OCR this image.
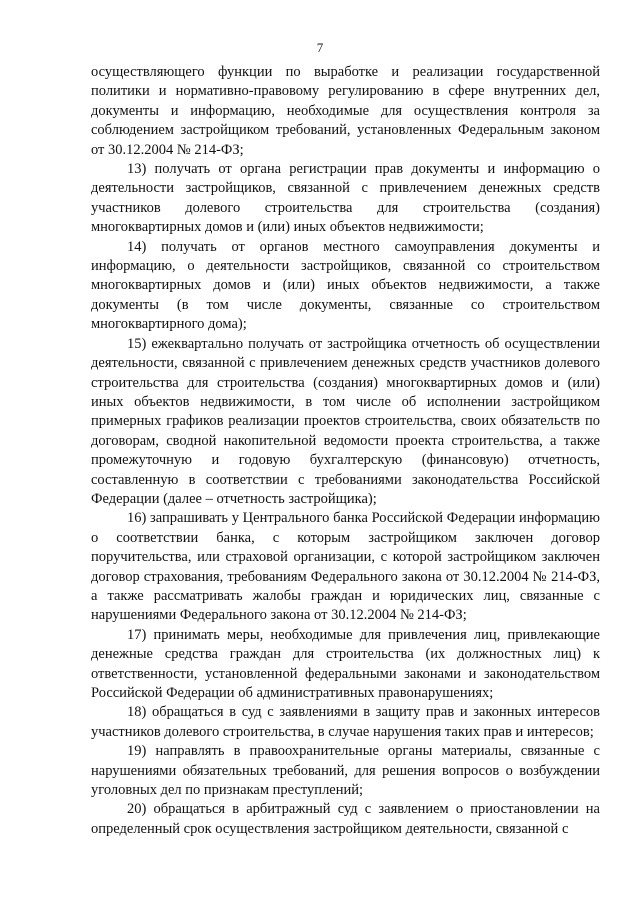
7

осуществляющего функции по выработке и реализации государственной политики и нормативно-правовому регулированию в сфере внутренних дел, документы и информацию, необходимые для осуществления контроля за соблюдением застройщиком требований, установленных Федеральным законом от 30.12.2004 № 214-ФЗ;

13) получать от органа регистрации прав документы и информацию о деятельности застройщиков, связанной с привлечением денежных средств участников долевого строительства для строительства (создания) многоквартирных домов и (или) иных объектов недвижимости;

14) получать от органов местного самоуправления документы и информацию, о деятельности застройщиков, связанной со строительством многоквартирных домов и (или) иных объектов недвижимости, а также документы (в том числе документы, связанные со строительством многоквартирного дома);

15) ежеквартально получать от застройщика отчетность об осуществлении деятельности, связанной с привлечением денежных средств участников долевого строительства для строительства (создания) многоквартирных домов и (или) иных объектов недвижимости, в том числе об исполнении застройщиком примерных графиков реализации проектов строительства, своих обязательств по договорам, сводной накопительной ведомости проекта строительства, а также промежуточную и годовую бухгалтерскую (финансовую) отчетность, составленную в соответствии с требованиями законодательства Российской Федерации (далее – отчетность застройщика);

16) запрашивать у Центрального банка Российской Федерации информацию о соответствии банка, с которым застройщиком заключен договор поручительства, или страховой организации, с которой застройщиком заключен договор страхования, требованиям Федерального закона от 30.12.2004 № 214-ФЗ, а также рассматривать жалобы граждан и юридических лиц, связанные с нарушениями Федерального закона от 30.12.2004 № 214-ФЗ;

17) принимать меры, необходимые для привлечения лиц, привлекающие денежные средства граждан для строительства (их должностных лиц) к ответственности, установленной федеральными законами и законодательством Российской Федерации об административных правонарушениях;

18) обращаться в суд с заявлениями в защиту прав и законных интересов участников долевого строительства, в случае нарушения таких прав и интересов;

19) направлять в правоохранительные органы материалы, связанные с нарушениями обязательных требований, для решения вопросов о возбуждении уголовных дел по признакам преступлений;

20) обращаться в арбитражный суд с заявлением о приостановлении на определенный срок осуществления застройщиком деятельности, связанной с
